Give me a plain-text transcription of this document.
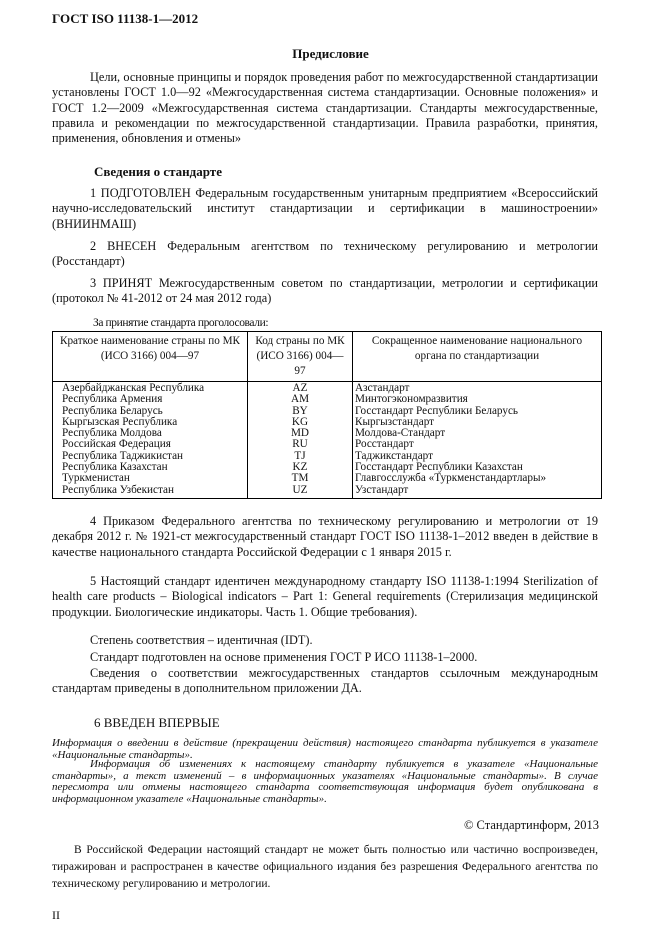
ГОСТ ISO 11138-1—2012
Предисловие
Цели, основные принципы и порядок проведения работ по межгосударственной стандартизации установлены ГОСТ 1.0—92 «Межгосударственная система стандартизации. Основные положения» и ГОСТ 1.2—2009 «Межгосударственная система стандартизации. Стандарты межгосударственные, правила и рекомендации по межгосударственной стандартизации. Правила разработки, принятия, применения, обновления и отмены»
Сведения о стандарте
1 ПОДГОТОВЛЕН Федеральным государственным унитарным предприятием «Всероссийский научно-исследовательский институт стандартизации и сертификации в машиностроении» (ВНИИНМАШ)
2 ВНЕСЕН Федеральным агентством по техническому регулированию и метрологии (Росстандарт)
3 ПРИНЯТ Межгосударственным советом по стандартизации, метрологии и сертификации (протокол № 41-2012 от 24 мая 2012 года)
За принятие стандарта проголосовали:
Краткое наименование страны по МК (ИСО 3166) 004—97	Код страны по МК (ИСО 3166) 004—97	Сокращенное наименование национального органа по стандартизации
Азербайджанская Республика	AZ	Азстандарт
Республика Армения	AM	Минтогэкономразвития
Республика Беларусь	BY	Госстандарт Республики Беларусь
Кыргызская Республика	KG	Кыргызстандарт
Республика Молдова	MD	Молдова-Стандарт
Российская Федерация	RU	Росстандарт
Республика Таджикистан	TJ	Таджикстандарт
Республика Казахстан	KZ	Госстандарт Республики Казахстан
Туркменистан	TM	Главгосслужба «Туркменстандартлары»
Республика Узбекистан	UZ	Узстандарт
4 Приказом Федерального агентства по техническому регулированию и метрологии от 19 декабря 2012 г. № 1921-ст межгосударственный стандарт ГОСТ ISO 11138-1–2012 введен в действие в качестве национального стандарта Российской Федерации с 1 января 2015 г.
5 Настоящий стандарт идентичен международному стандарту ISO 11138-1:1994 Sterilization of health care products – Biological indicators – Part 1: General requirements (Стерилизация медицинской продукции. Биологические индикаторы. Часть 1. Общие требования).
Степень соответствия – идентичная (IDT).
Стандарт подготовлен на основе применения ГОСТ Р ИСО 11138-1–2000.
Сведения о соответствии межгосударственных стандартов ссылочным международным стандартам приведены в дополнительном приложении ДА.
6 ВВЕДЕН ВПЕРВЫЕ
Информация о введении в действие (прекращении действия) настоящего стандарта публикуется в указателе «Национальные стандарты».
Информация об изменениях к настоящему стандарту публикуется в указателе «Национальные стандарты», а текст изменений – в информационных указателях «Национальные стандарты». В случае пересмотра или отмены настоящего стандарта соответствующая информация будет опубликована в информационном указателе «Национальные стандарты».
© Стандартинформ, 2013
В Российской Федерации настоящий стандарт не может быть полностью или частично воспроизведен, тиражирован и распространен в качестве официального издания без разрешения Федерального агентства по техническому регулированию и метрологии.
II
